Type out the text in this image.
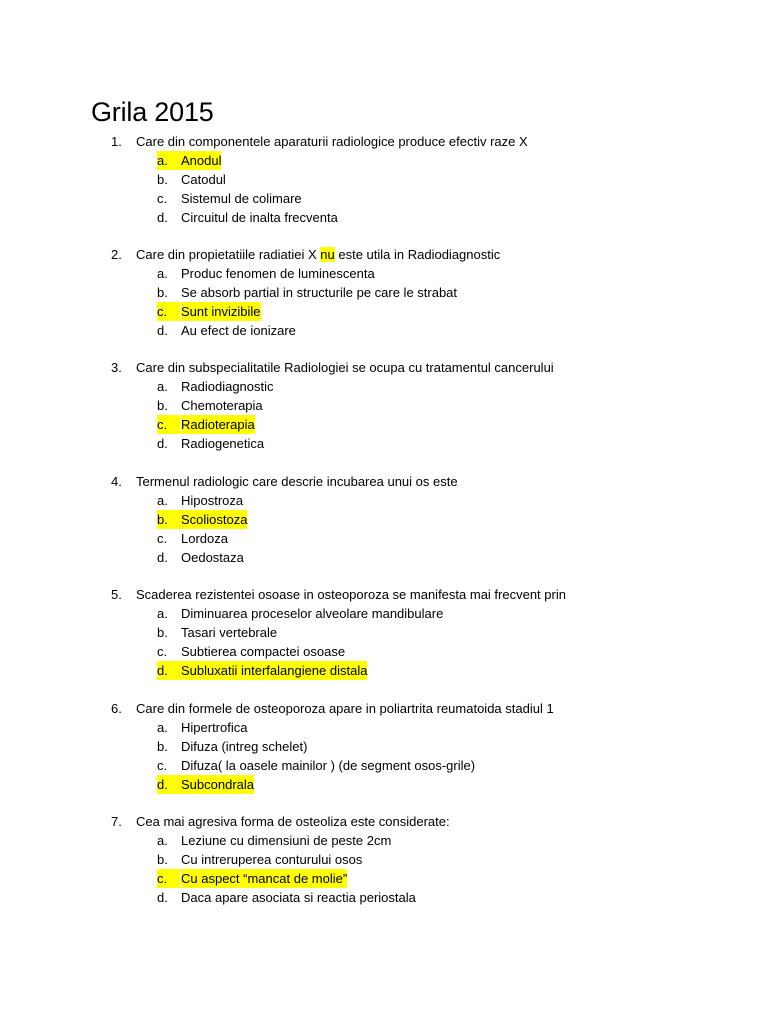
Grila 2015
1. Care din componentele aparaturii radiologice produce efectiv raze X
a.	Anodul
b. Catodul
c. Sistemul de colimare
d. Circuitul de inalta frecventa
2. Care din propietatiile radiatiei X nu este utila in Radiodiagnostic
a. Produc fenomen de luminescenta
b. Se absorb partial in structurile pe care le strabat
c.	Sunt invizibile
d. Au efect de ionizare
3. Care din subspecialitatile Radiologiei se ocupa cu tratamentul cancerului
a. Radiodiagnostic
b. Chemoterapia
c.	Radioterapia
d. Radiogenetica
4. Termenul radiologic care descrie incubarea unui os este
a. Hipostroza
b.	Scoliostoza
c. Lordoza
d. Oedostaza
5. Scaderea rezistentei osoase in osteoporoza se manifesta mai frecvent prin
a. Diminuarea proceselor alveolare mandibulare
b. Tasari vertebrale
c. Subtierea compactei osoase
d.	Subluxatii interfalangiene distala
6. Care din formele de osteoporoza apare in poliartrita reumatoida stadiul 1
a. Hipertrofica
b. Difuza (intreg schelet)
c. Difuza( la oasele mainilor ) (de segment osos-grile)
d.	Subcondrala
7. Cea mai agresiva forma de osteoliza este considerate:
a. Leziune cu dimensiuni de peste 2cm
b. Cu intreruperea conturului osos
c.	Cu aspect “mancat de molie”
d. Daca apare asociata si reactia periostala
